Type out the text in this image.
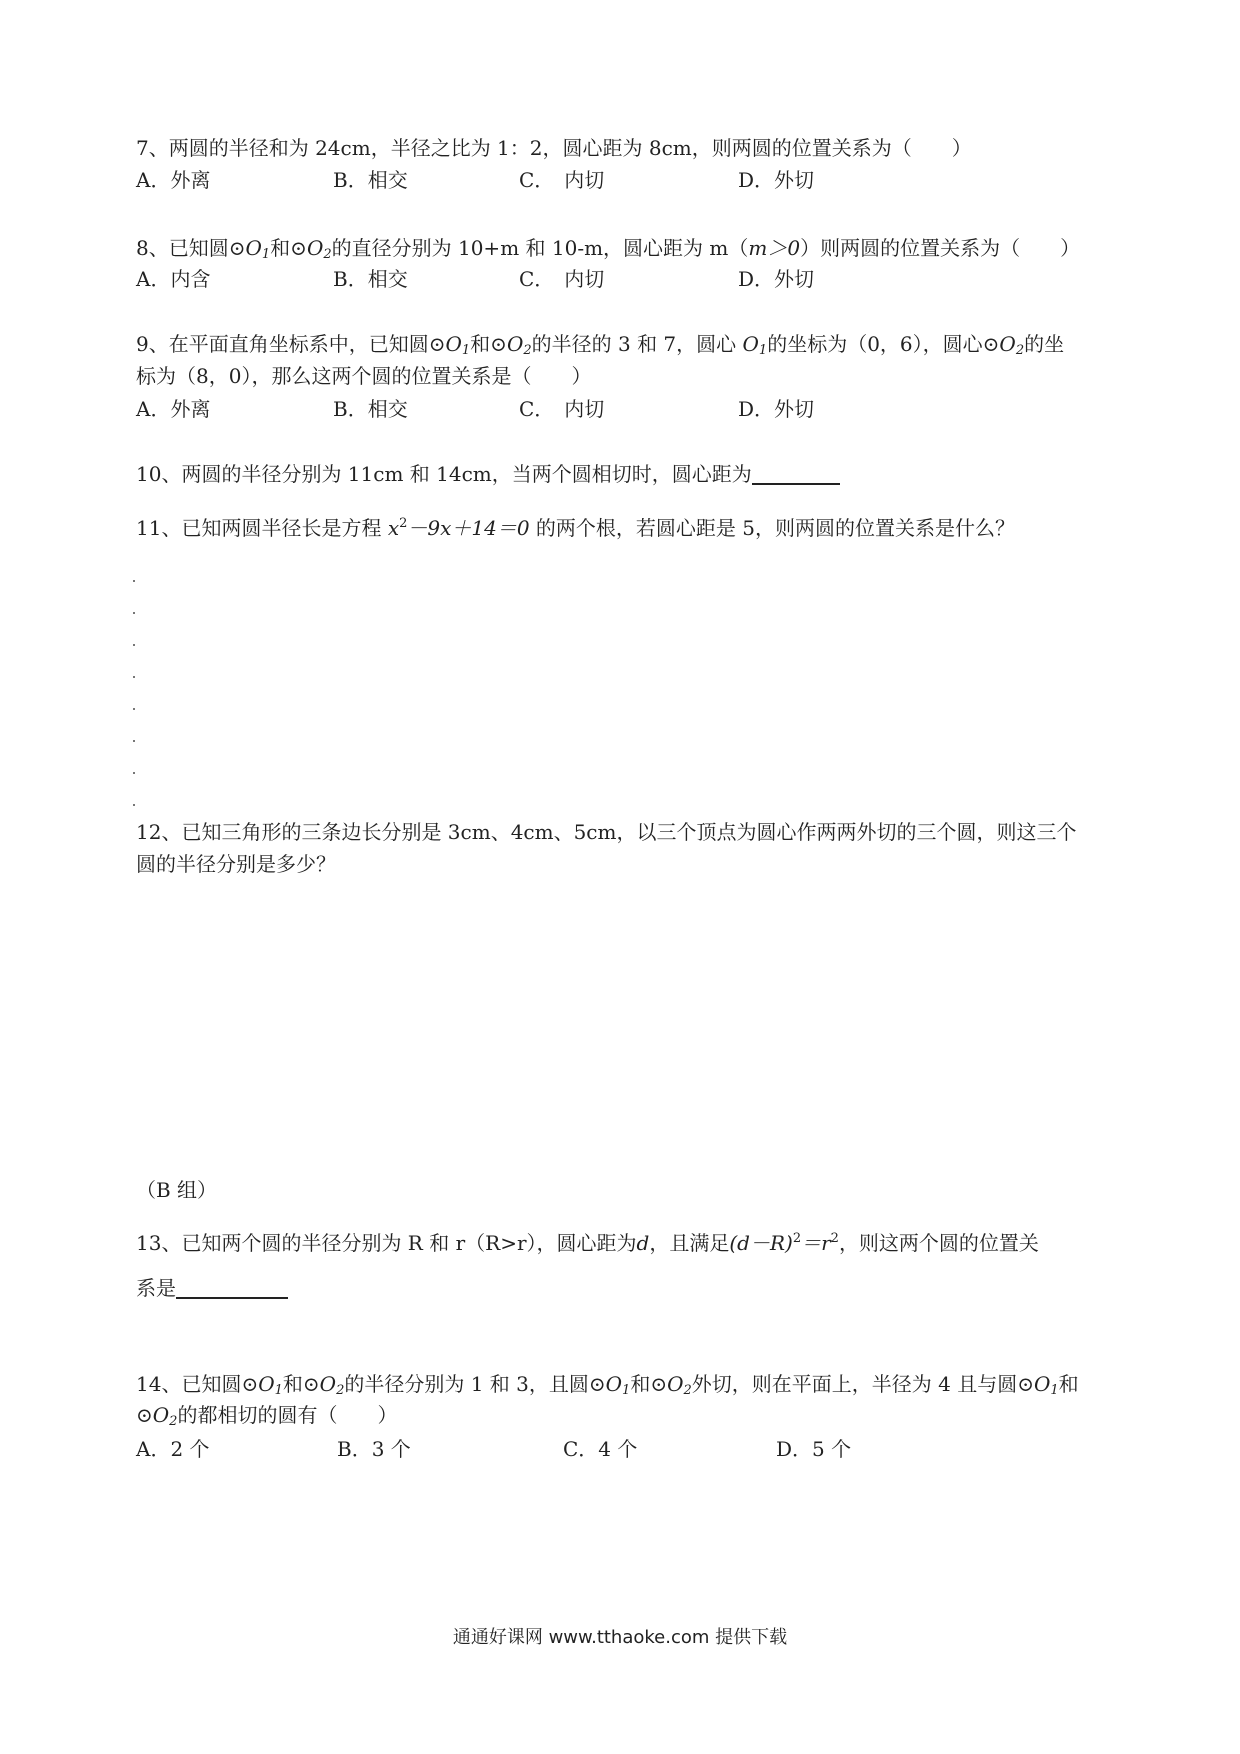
7、两圆的半径和为 24cm，半径之比为 1：2，圆心距为 8cm，则两圆的位置关系为（　　）
A．外离	B．相交	C．　内切	D．外切
8、已知圆$⊙O_1$和$⊙O_2$的直径分别为 10+m 和 10-m，圆心距为 m（m＞0）则两圆的位置关系为（　　）
A．内含	B．相交	C．　内切	D．外切
9、在平面直角坐标系中，已知圆$⊙O_1$和$⊙O_2$的半径的 3 和 7，圆心 $O_1$的坐标为（0，6），圆心$⊙O_2$的坐
标为（8，0），那么这两个圆的位置关系是（　　）
A．外离	B．相交	C．　内切	D．外切
10、两圆的半径分别为 11cm 和 14cm，当两个圆相切时，圆心距为
11、已知两圆半径长是方程 $x^2-9x+14=0$ 的两个根，若圆心距是 5，则两圆的位置关系是什么？
12、已知三角形的三条边长分别是 3cm、4cm、5cm，以三个顶点为圆心作两两外切的三个圆，则这三个
圆的半径分别是多少？
（B 组）
13、已知两个圆的半径分别为 R 和 r（R>r），圆心距为d，且满足$(d-R)^2=r^2$，则这两个圆的位置关
系是
14、已知圆$⊙O_1$和$⊙O_2$的半径分别为 1 和 3，且圆$⊙O_1$和$⊙O_2$外切，则在平面上，半径为 4 且与圆$⊙O_1$和
$⊙O_2$的都相切的圆有（　　）
A．2 个	B．3 个	C．4 个	D．5 个
通通好课网 www.tthaoke.com 提供下载
